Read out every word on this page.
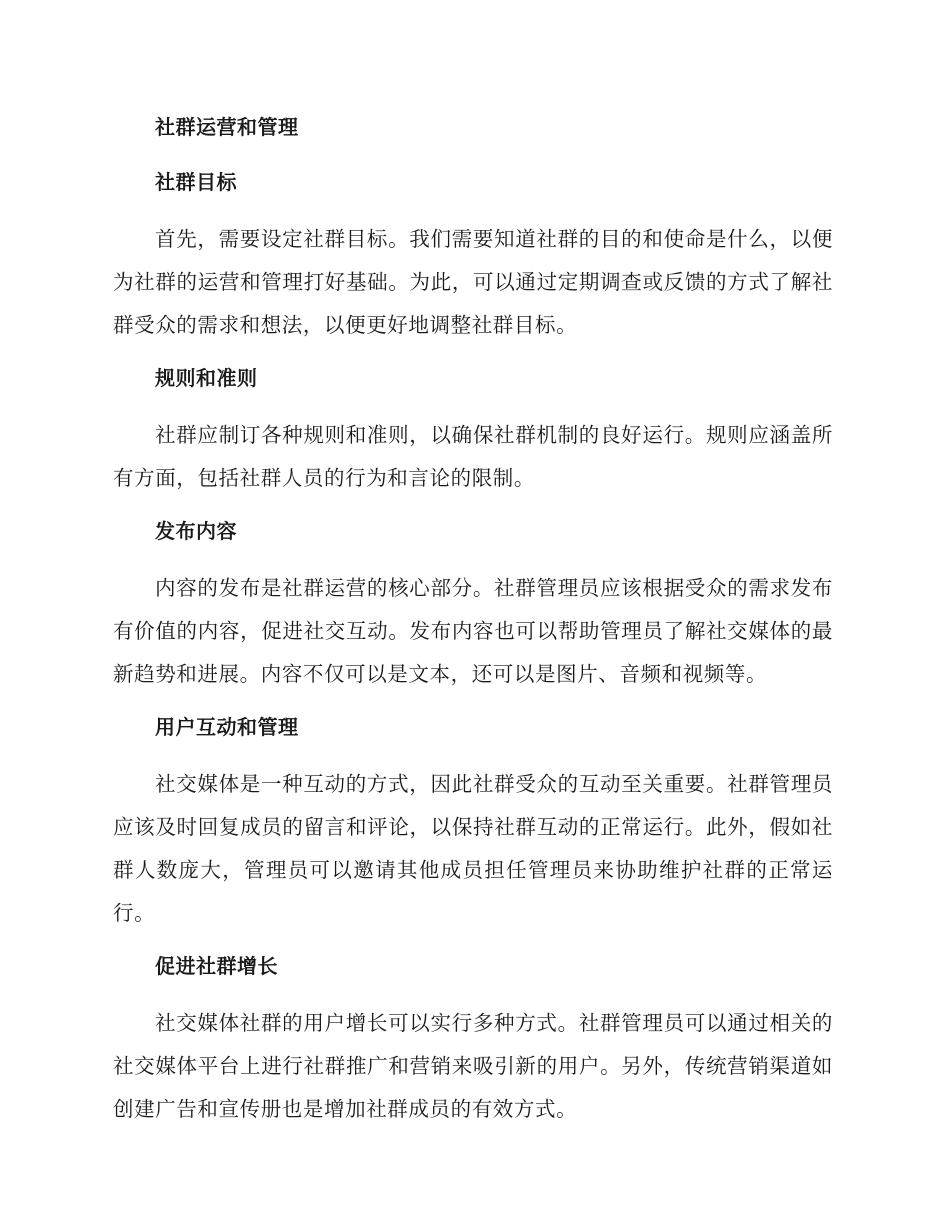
社群运营和管理
社群目标

首先，需要设定社群目标。我们需要知道社群的目的和使命是什么，以便为社群的运营和管理打好基础。为此，可以通过定期调查或反馈的方式了解社群受众的需求和想法，以便更好地调整社群目标。

规则和准则

社群应制订各种规则和准则，以确保社群机制的良好运行。规则应涵盖所有方面，包括社群人员的行为和言论的限制。

发布内容

内容的发布是社群运营的核心部分。社群管理员应该根据受众的需求发布有价值的内容，促进社交互动。发布内容也可以帮助管理员了解社交媒体的最新趋势和进展。内容不仅可以是文本，还可以是图片、音频和视频等。

用户互动和管理

社交媒体是一种互动的方式，因此社群受众的互动至关重要。社群管理员应该及时回复成员的留言和评论，以保持社群互动的正常运行。此外，假如社群人数庞大，管理员可以邀请其他成员担任管理员来协助维护社群的正常运行。

促进社群增长

社交媒体社群的用户增长可以实行多种方式。社群管理员可以通过相关的社交媒体平台上进行社群推广和营销来吸引新的用户。另外，传统营销渠道如创建广告和宣传册也是增加社群成员的有效方式。
